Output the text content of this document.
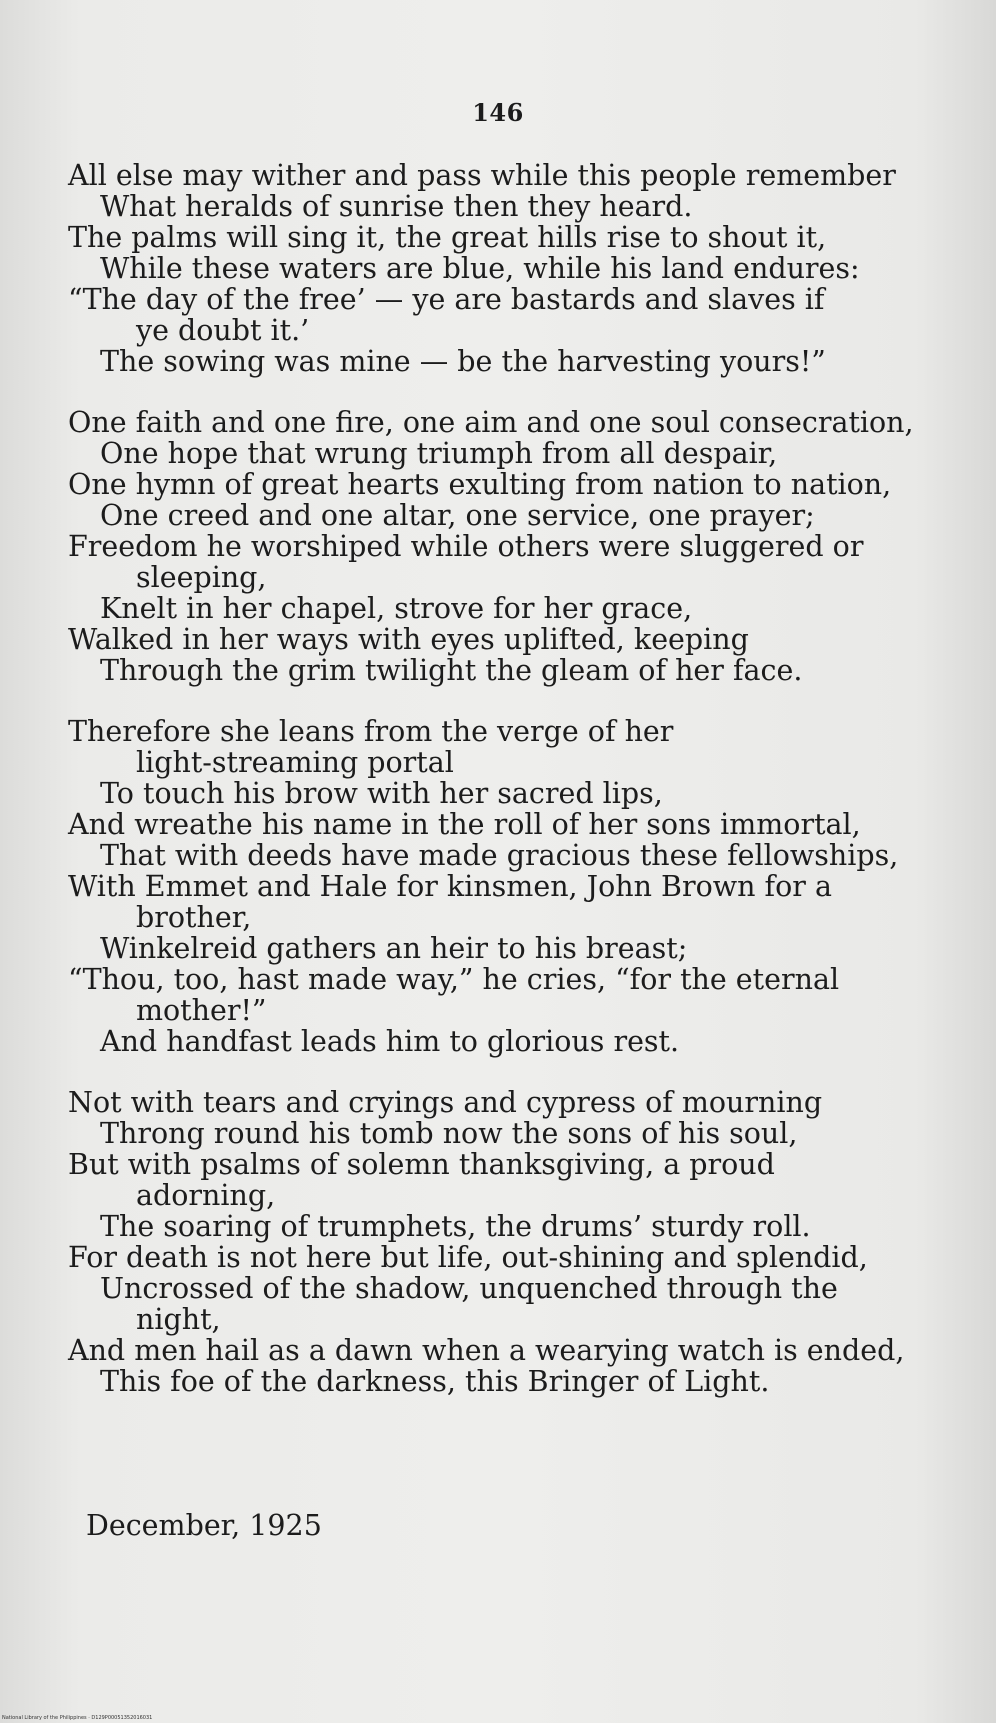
146
All else may wither and pass while this people remember
What heralds of sunrise then they heard.
The palms will sing it, the great hills rise to shout it,
While these waters are blue, while his land endures:
“The day of the free’ — ye are bastards and slaves if
ye doubt it.’
The sowing was mine — be the harvesting yours!”
One faith and one fire, one aim and one soul consecration,
One hope that wrung triumph from all despair,
One hymn of great hearts exulting from nation to nation,
One creed and one altar, one service, one prayer;
Freedom he worshiped while others were sluggered or
sleeping,
Knelt in her chapel, strove for her grace,
Walked in her ways with eyes uplifted, keeping
Through the grim twilight the gleam of her face.
Therefore she leans from the verge of her
light-streaming portal
To touch his brow with her sacred lips,
And wreathe his name in the roll of her sons immortal,
That with deeds have made gracious these fellowships,
With Emmet and Hale for kinsmen, John Brown for a
brother,
Winkelreid gathers an heir to his breast;
“Thou, too, hast made way,” he cries, “for the eternal
mother!”
And handfast leads him to glorious rest.
Not with tears and cryings and cypress of mourning
Throng round his tomb now the sons of his soul,
But with psalms of solemn thanksgiving, a proud
adorning,
The soaring of trumphets, the drums’ sturdy roll.
For death is not here but life, out-shining and splendid,
Uncrossed of the shadow, unquenched through the
night,
And men hail as a dawn when a wearying watch is ended,
This foe of the darkness, this Bringer of Light.
December, 1925
National Library of the Philippines · D129P00051352016031
